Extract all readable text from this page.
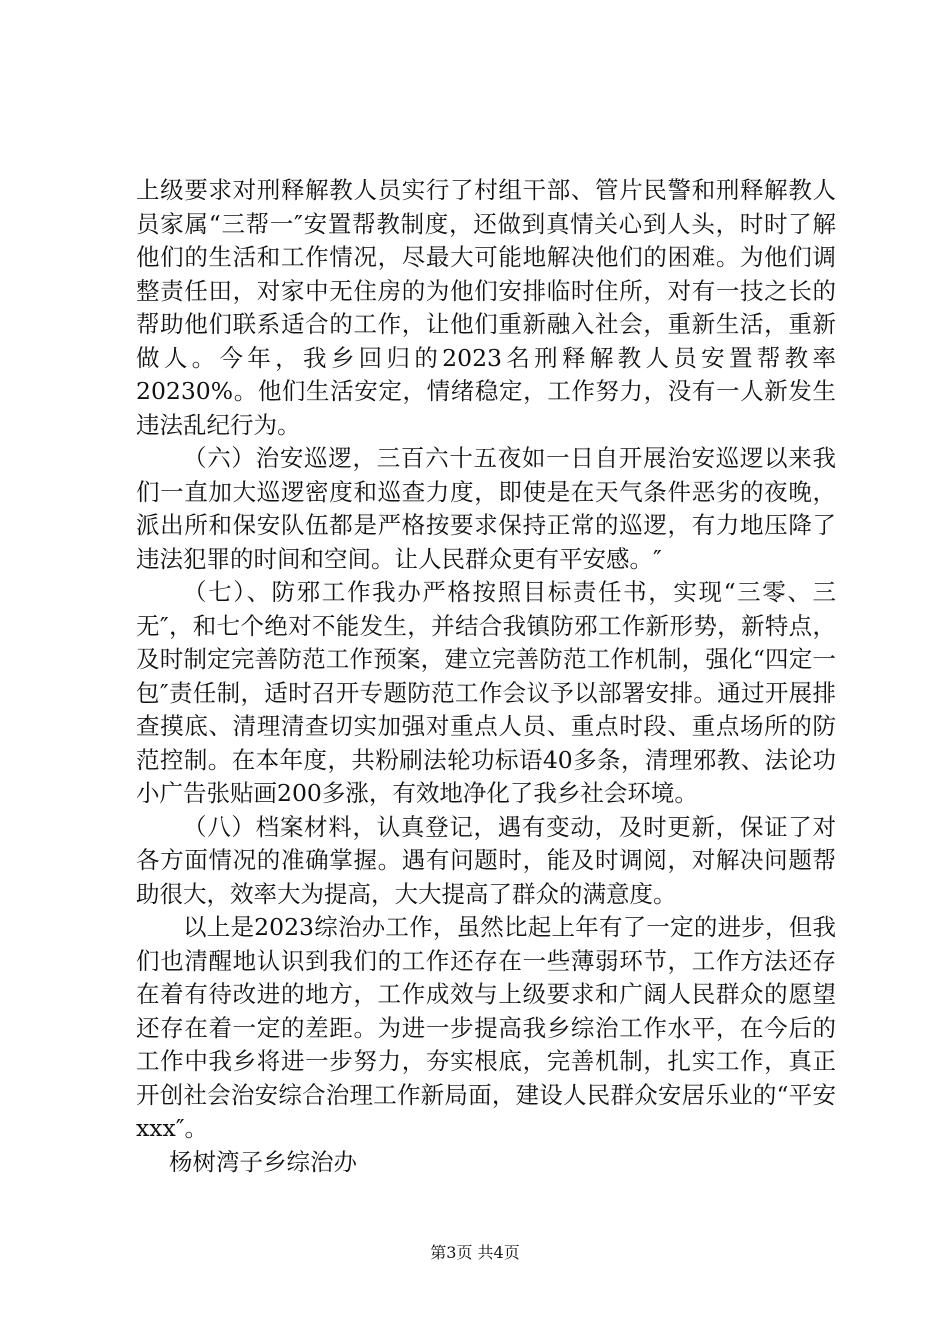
上级要求对刑释解教人员实行了村组干部、管片民警和刑释解教人员家属“三帮一″安置帮教制度，还做到真情关心到人头，时时了解他们的生活和工作情况，尽最大可能地解决他们的困难。为他们调整责任田，对家中无住房的为他们安排临时住所，对有一技之长的帮助他们联系适合的工作，让他们重新融入社会，重新生活，重新做人。今年，我乡回归的2023名刑释解教人员安置帮教率20230%。他们生活安定，情绪稳定，工作努力，没有一人新发生违法乱纪行为。

（六）治安巡逻，三百六十五夜如一日自开展治安巡逻以来我们一直加大巡逻密度和巡查力度，即使是在天气条件恶劣的夜晚，派出所和保安队伍都是严格按要求保持正常的巡逻，有力地压降了违法犯罪的时间和空间。让人民群众更有平安感。″

（七）、防邪工作我办严格按照目标责任书，实现“三零、三无″，和七个绝对不能发生，并结合我镇防邪工作新形势，新特点，及时制定完善防范工作预案，建立完善防范工作机制，强化“四定一包″责任制，适时召开专题防范工作会议予以部署安排。通过开展排查摸底、清理清查切实加强对重点人员、重点时段、重点场所的防范控制。在本年度，共粉刷法轮功标语40多条，清理邪教、法论功小广告张贴画200多涨，有效地净化了我乡社会环境。

（八）档案材料，认真登记，遇有变动，及时更新，保证了对各方面情况的准确掌握。遇有问题时，能及时调阅，对解决问题帮助很大，效率大为提高，大大提高了群众的满意度。

以上是2023综治办工作，虽然比起上年有了一定的进步，但我们也清醒地认识到我们的工作还存在一些薄弱环节，工作方法还存在着有待改进的地方，工作成效与上级要求和广阔人民群众的愿望还存在着一定的差距。为进一步提高我乡综治工作水平，在今后的工作中我乡将进一步努力，夯实根底，完善机制，扎实工作，真正开创社会治安综合治理工作新局面，建设人民群众安居乐业的“平安xxx″。

杨树湾子乡综治办

第3页 共4页
